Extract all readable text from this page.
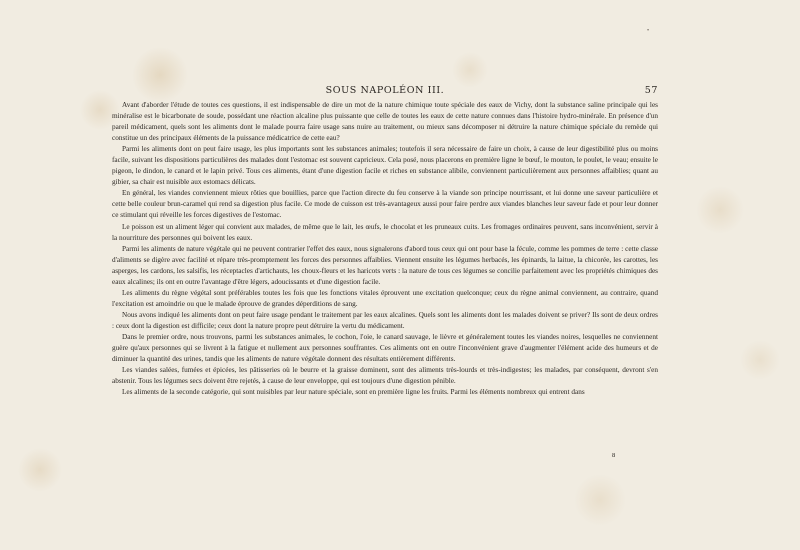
•
SOUS NAPOLÉON III.	57

Avant d'aborder l'étude de toutes ces questions, il est indispensable de dire un mot de la nature chimique toute spéciale des eaux de Vichy, dont la substance saline principale qui les minéralise est le bicarbonate de soude, possédant une réaction alcaline plus puissante que celle de toutes les eaux de cette nature connues dans l'histoire hydro-minérale. En présence d'un pareil médicament, quels sont les aliments dont le malade pourra faire usage sans nuire au traitement, ou mieux sans décomposer ni détruire la nature chimique spéciale du remède qui constitue un des principaux éléments de la puissance médicatrice de cette eau?

Parmi les aliments dont on peut faire usage, les plus importants sont les substances animales; toutefois il sera nécessaire de faire un choix, à cause de leur digestibilité plus ou moins facile, suivant les dispositions particulières des malades dont l'estomac est souvent capricieux. Cela posé, nous placerons en première ligne le bœuf, le mouton, le poulet, le veau; ensuite le pigeon, le dindon, le canard et le lapin privé. Tous ces aliments, étant d'une digestion facile et riches en substance alibile, conviennent particulièrement aux personnes affaiblies; quant au gibier, sa chair est nuisible aux estomacs délicats.

En général, les viandes conviennent mieux rôties que bouillies, parce que l'action directe du feu conserve à la viande son principe nourrissant, et lui donne une saveur particulière et cette belle couleur brun-caramel qui rend sa digestion plus facile. Ce mode de cuisson est très-avantageux aussi pour faire perdre aux viandes blanches leur saveur fade et pour leur donner ce stimulant qui réveille les forces digestives de l'estomac.

Le poisson est un aliment léger qui convient aux malades, de même que le lait, les œufs, le chocolat et les pruneaux cuits. Les fromages ordinaires peuvent, sans inconvénient, servir à la nourriture des personnes qui boivent les eaux.

Parmi les aliments de nature végétale qui ne peuvent contrarier l'effet des eaux, nous signalerons d'abord tous ceux qui ont pour base la fécule, comme les pommes de terre : cette classe d'aliments se digère avec facilité et répare très-promptement les forces des personnes affaiblies. Viennent ensuite les légumes herbacés, les épinards, la laitue, la chicorée, les carottes, les asperges, les cardons, les salsifis, les réceptacles d'artichauts, les choux-fleurs et les haricots verts : la nature de tous ces légumes se concilie parfaitement avec les propriétés chimiques des eaux alcalines; ils ont en outre l'avantage d'être légers, adoucissants et d'une digestion facile.

Les aliments du règne végétal sont préférables toutes les fois que les fonctions vitales éprouvent une excitation quelconque; ceux du règne animal conviennent, au contraire, quand l'excitation est amoindrie ou que le malade éprouve de grandes déperditions de sang.

Nous avons indiqué les aliments dont on peut faire usage pendant le traitement par les eaux alcalines. Quels sont les aliments dont les malades doivent se priver? Ils sont de deux ordres : ceux dont la digestion est difficile; ceux dont la nature propre peut détruire la vertu du médicament.

Dans le premier ordre, nous trouvons, parmi les substances animales, le cochon, l'oie, le canard sauvage, le lièvre et généralement toutes les viandes noires, lesquelles ne conviennent guère qu'aux personnes qui se livrent à la fatigue et nullement aux personnes souffrantes. Ces aliments ont en outre l'inconvénient grave d'augmenter l'élément acide des humeurs et de diminuer la quantité des urines, tandis que les aliments de nature végétale donnent des résultats entièrement différents.

Les viandes salées, fumées et épicées, les pâtisseries où le beurre et la graisse dominent, sont des aliments très-lourds et très-indigestes; les malades, par conséquent, devront s'en abstenir. Tous les légumes secs doivent être rejetés, à cause de leur enveloppe, qui est toujours d'une digestion pénible.

Les aliments de la seconde catégorie, qui sont nuisibles par leur nature spéciale, sont en première ligne les fruits. Parmi les éléments nombreux qui entrent dans

8
